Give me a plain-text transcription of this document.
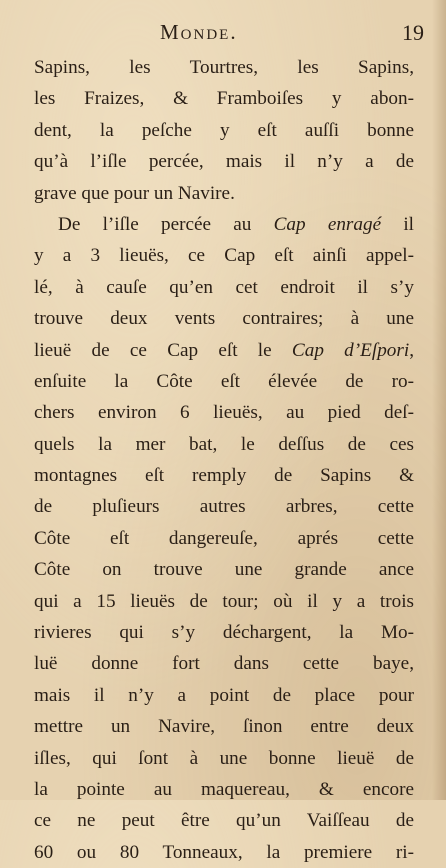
Monde.	19
Sapins, les Tourtres, les Sapins,
les Fraizes, & Framboiſes y abon-
dent, la peſche y eſt auſſi bonne
qu’à l’iſle percée, mais il n’y a de
grave que pour un Navire.
De l’iſle percée au Cap enragé il
y a 3 lieuës, ce Cap eſt ainſi appel-
lé, à cauſe qu’en cet endroit il s’y
trouve deux vents contraires; à une
lieuë de ce Cap eſt le Cap d’Eſpori,
enſuite la Côte eſt élevée de ro-
chers environ 6 lieuës, au pied deſ-
quels la mer bat, le deſſus de ces
montagnes eſt remply de Sapins &
de pluſieurs autres arbres, cette
Côte eſt dangereuſe, aprés cette
Côte on trouve une grande ance
qui a 15 lieuës de tour; où il y a trois
rivieres qui s’y déchargent, la Mo-
luë donne fort dans cette baye,
mais il n’y a point de place pour
mettre un Navire, ſinon entre deux
iſles, qui ſont à une bonne lieuë de
la pointe au maquereau, & encore
ce ne peut être qu’un Vaiſſeau de
60 ou 80 Tonneaux, la premiere ri-
